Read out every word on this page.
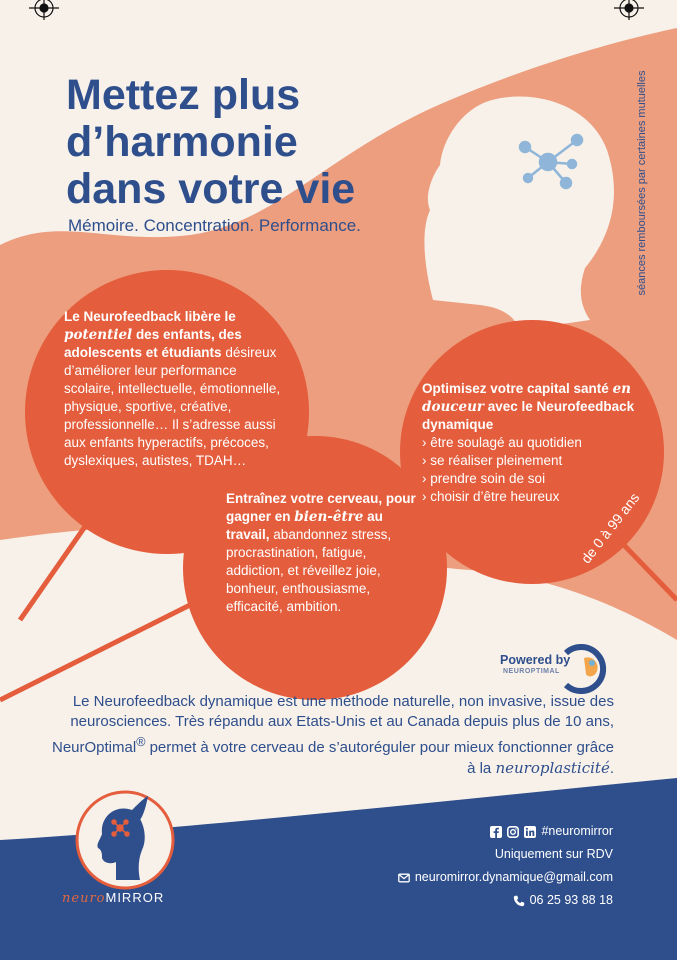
Mettez plus
d’harmonie
dans votre vie
Mémoire. Concentration. Performance.	séances remboursées par certaines mutuelles
Le Neurofeedback libère le potentiel des enfants, des adolescents et étudiants désireux d’améliorer leur performance scolaire, intellectuelle, émotionnelle, physique, sportive, créative, professionnelle… Il s’adresse aussi aux enfants hyperactifs, précoces, dyslexiques, autistes, TDAH…
Entraînez votre cerveau, pour gagner en bien-être au travail, abandonnez stress, procrastination, fatigue, addiction, et réveillez joie, bonheur, enthousiasme, efficacité, ambition.
Optimisez votre capital santé en douceur avec le Neurofeedback dynamique
› être soulagé au quotidien
› se réaliser pleinement
› prendre soin de soi
› choisir d’être heureux	de 0 à 99 ans
Powered by
NEUROPTIMAL
Le Neurofeedback dynamique est une méthode naturelle, non invasive, issue des neurosciences. Très répandu aux Etats-Unis et au Canada depuis plus de 10 ans, NeurOptimal® permet à votre cerveau de s’autoréguler pour mieux fonctionner grâce à la neuroplasticité.
neuroMIRROR
#neuromirror
Uniquement sur RDV
neuromirror.dynamique@gmail.com
06 25 93 88 18
